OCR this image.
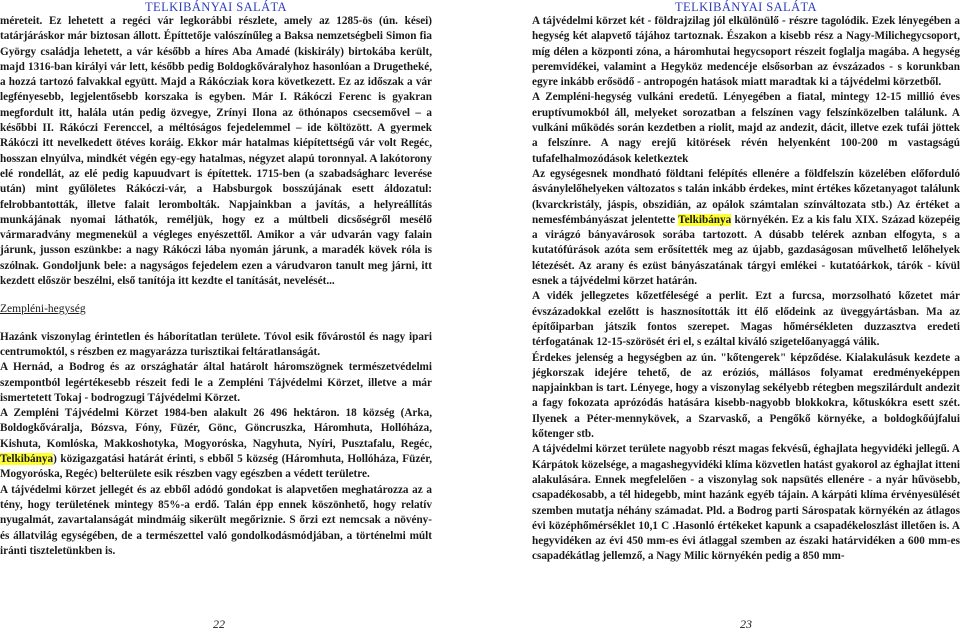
TELKIBÁNYAI SALÁTA

méreteit. Ez lehetett a regéci vár legkorábbi részlete, amely az 1285-ös (ún. kései) tatárjáráskor már biztosan állott. Építtetője valószínűleg a Baksa nemzetségbeli Simon fia György családja lehetett, a vár később a híres Aba Amadé (kiskirály) birtokába került, majd 1316-ban királyi vár lett, később pedig Boldogkőváralyhoz hasonlóan a Drugetheké, a hozzá tartozó falvakkal együtt. Majd a Rákócziak kora következett. Ez az időszak a vár legfényesebb, legjelentősebb korszaka is egyben. Már I. Rákóczi Ferenc is gyakran megfordult itt, halála után pedig özvegye, Zrínyi Ilona az öthónapos csecsemővel – a későbbi II. Rákóczi Ferenccel, a méltóságos fejedelemmel – ide költözött. A gyermek Rákóczi itt nevelkedett ötéves koráig. Ekkor már hatalmas kiépítettségű vár volt Regéc, hosszan elnyúlva, mindkét végén egy-egy hatalmas, négyzet alapú toronnyal. A lakótorony elé rondellát, az elé pedig kapuudvart is építettek. 1715-ben (a szabadságharc leverése után) mint gyűlöletes Rákóczi-vár, a Habsburgok bosszújának esett áldozatul: felrobbantották, illetve falait lerombolták. Napjainkban a javítás, a helyreállítás munkájának nyomai láthatók, reméljük, hogy ez a múltbeli dicsőségről mesélő vármaradvány megmenekül a végleges enyészettől. Amikor a vár udvarán vagy falain járunk, jusson eszünkbe: a nagy Rákóczi lába nyomán járunk, a maradék kövek róla is szólnak. Gondoljunk bele: a nagyságos fejedelem ezen a várudvaron tanult meg járni, itt kezdett először beszélni, első tanítója itt kezdte el tanítását, nevelését...

Zempléni-hegység

Hazánk viszonylag érintetlen és háborítatlan területe. Tóvol esik fővárostól és nagy ipari centrumoktól, s részben ez magyarázza turisztikai feltáratlanságát.

A Hernád, a Bodrog és az országhatár által határolt háromszögnek természetvédelmi szempontból legértékesebb részeit fedi le a Zempléni Tájvédelmi Körzet, illetve a már ismertetett Tokaj - bodrogzugi Tájvédelmi Körzet.

A Zempléni Tájvédelmi Körzet 1984-ben alakult 26 496 hektáron. 18 község (Arka, Boldogkőváralja, Bózsva, Fóny, Füzér, Gönc, Göncruszka, Háromhuta, Hollóháza, Kishuta, Komlóska, Makkoshotyka, Mogyoróska, Nagyhuta, Nyíri, Pusztafalu, Regéc, Telkibánya) közigazgatási határát érinti, s ebből 5 község (Háromhuta, Hollóháza, Füzér, Mogyoróska, Regéc) belterülete esik részben vagy egészben a védett területre.

A tájvédelmi körzet jellegét és az ebből adódó gondokat is alapvetően meghatározza az a tény, hogy területének mintegy 85%-a erdő. Talán épp ennek köszönhető, hogy relatív nyugalmát, zavartalanságát mindmáig sikerült megőriznie. S őrzi ezt nemcsak a növény- és állatvilág egységében, de a természettel való gondolkodásmódjában, a történelmi múlt iránti tiszteletünkben is.

22
TELKIBÁNYAI SALÁTA

A tájvédelmi körzet két - földrajzilag jól elkülönülő - részre tagolódik. Ezek lényegében a hegység két alapvető tájához tartoznak. Északon a kisebb rész a Nagy-Milichegycsoport, míg délen a központi zóna, a háromhutai hegycsoport részeit foglalja magába. A hegység peremvidékei, valamint a Hegyköz medencéje elsősorban az évszázados - s korunkban egyre inkább erősödő - antropogén hatások miatt maradtak ki a tájvédelmi körzetből.

A Zempléni-hegység vulkáni eredetű. Lényegében a fiatal, mintegy 12-15 millió éves eruptívumokból áll, melyeket sorozatban a felszínen vagy felszínközelben találunk. A vulkáni működés során kezdetben a riolit, majd az andezit, dácit, illetve ezek tufái jöttek a felszínre. A nagy erejű kitörések révén helyenként 100-200 m vastagságú tufafelhalmozódások keletkeztek

Az egységesnek mondható földtani felépítés ellenére a földfelszín közelében előforduló ásványlelőhelyeken változatos s talán inkább érdekes, mint értékes kőzetanyagot találunk (kvarckristály, jáspis, obszidián, az opálok számtalan színváltozata stb.) Az értéket a nemesfémbányászat jelentette Telkibánya környékén. Ez a kis falu XIX. Század közepéig a virágzó bányavárosok sorába tartozott. A dúsabb telérek aznban elfogyta, s a kutatófúrások azóta sem erősítették meg az újabb, gazdaságosan művelhető lelőhelyek létezését. Az arany és ezüst bányászatának tárgyi emlékei - kutatóárkok, tárók - kívül esnek a tájvédelmi körzet határán.

A vidék jellegzetes kőzetféleségé a perlit. Ezt a furcsa, morzsolható kőzetet már évszázadokkal ezelőtt is hasznosították itt élő elődeink az üveggyártásban. Ma az építőiparban játszik fontos szerepet. Magas hőmérsékleten duzzasztva eredeti térfogatának 12-15-szörösét éri el, s ezáltal kiváló szigetelőanyaggá válik.

Érdekes jelenség a hegységben az ún. "kőtengerek" képződése. Kialakulásuk kezdete a jégkorszak idejére tehető, de az eróziós, mállásos folyamat eredményeképpen napjainkban is tart. Lényege, hogy a viszonylag sekélyebb rétegben megszilárdult andezit a fagy fokozata aprózódás hatására kisebb-nagyobb blokkokra, kőtuskókra esett szét. Ilyenek a Péter-mennykövek, a Szarvaskő, a Pengőkő környéke, a boldogkőújfalui kőtenger stb.

A tájvédelmi körzet területe nagyobb részt magas fekvésű, éghajlata hegyvidéki jellegű. A Kárpátok közelsége, a magashegyvidéki klíma közvetlen hatást gyakorol az éghajlat itteni alakulására. Ennek megfelelően - a viszonylag sok napsütés ellenére - a nyár hűvösebb, csapadékosabb, a tél hidegebb, mint hazánk egyéb tájain. A kárpáti klíma érvényesülését szemben mutatja néhány számadat. Pld. a Bodrog parti Sárospatak környékén az átlagos évi középhőmérséklet 10,1 C .Hasonló értékeket kapunk a csapadékeloszlást illetően is. A hegyvidéken az évi 450 mm-es évi átlaggal szemben az északi határvidéken a 600 mm-es csapadékátlag jellemző, a Nagy Milic környékén pedig a 850 mm-

23
